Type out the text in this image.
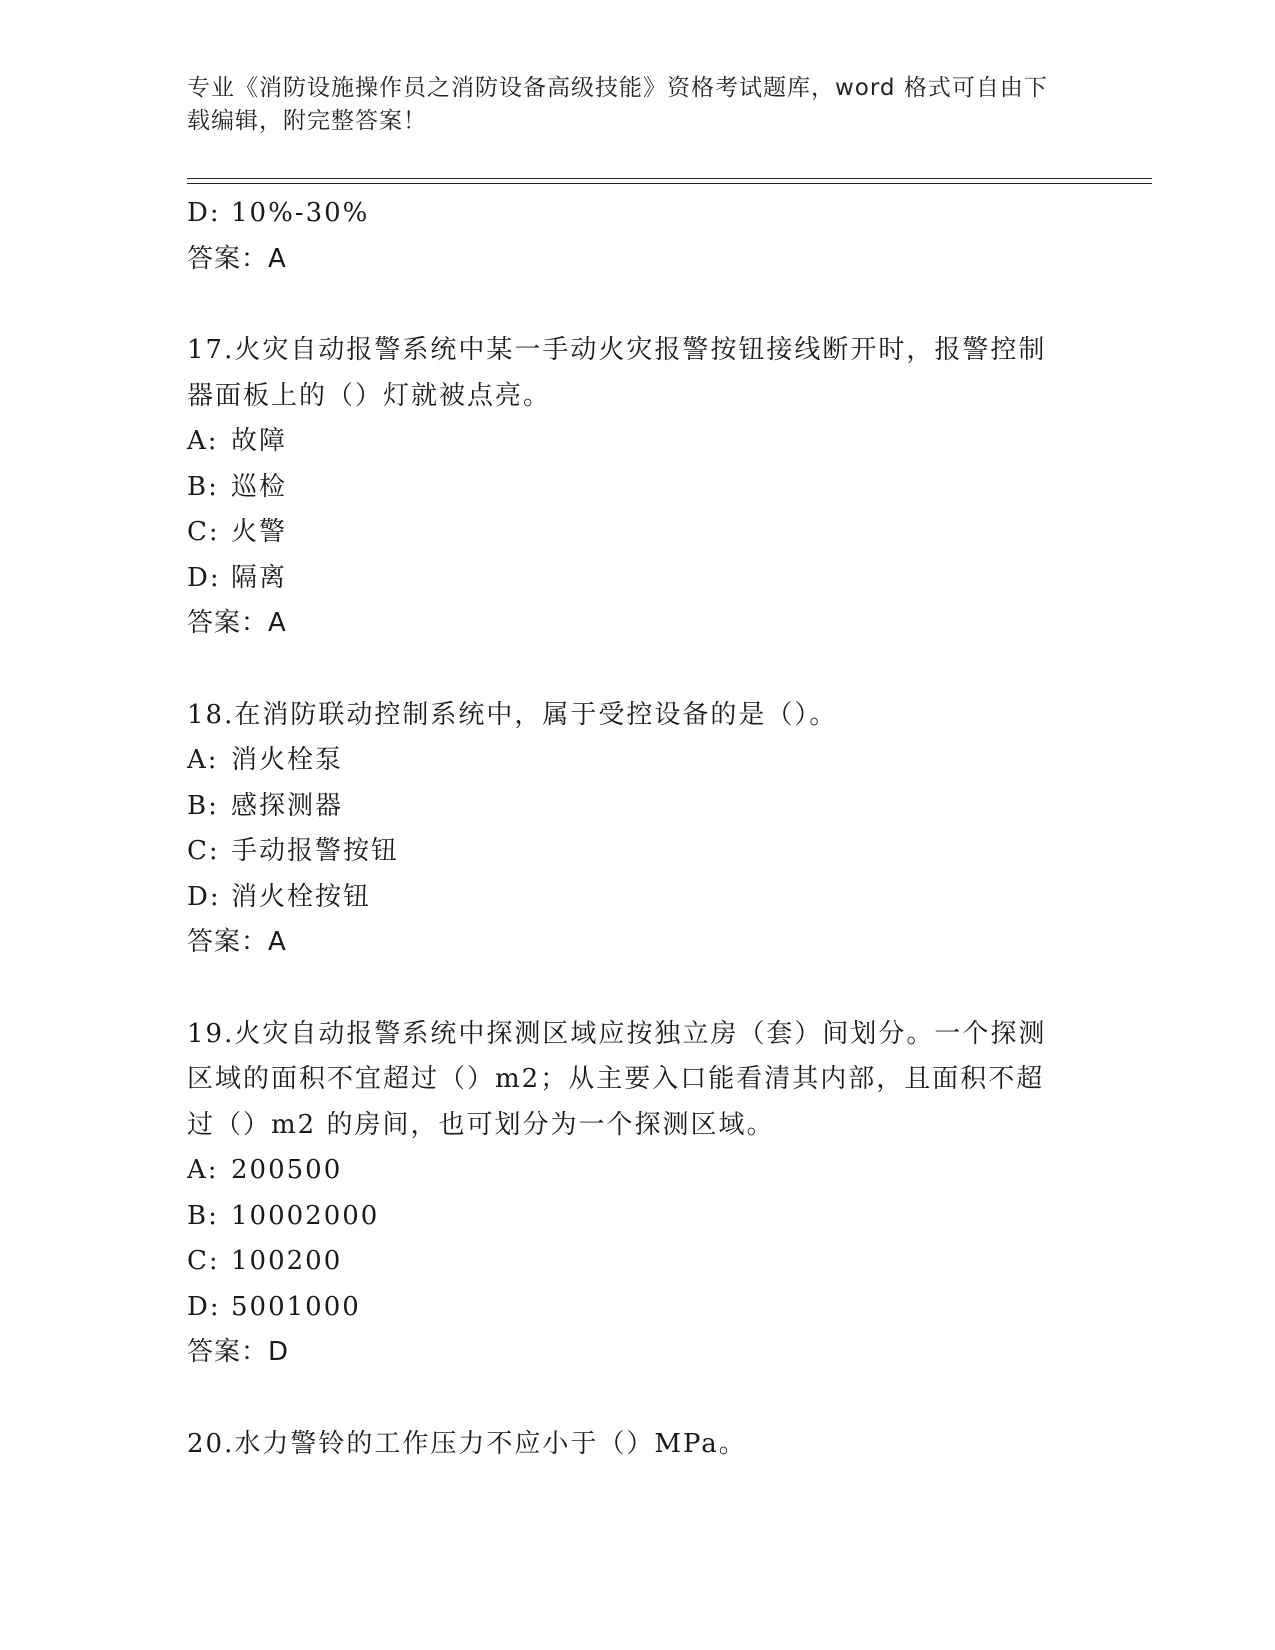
专业《消防设施操作员之消防设备高级技能》资格考试题库，word 格式可自由下
载编辑，附完整答案！
D: 10%-30%
答案：A
17.火灾自动报警系统中某一手动火灾报警按钮接线断开时，报警控制
器面板上的（）灯就被点亮。
A: 故障
B: 巡检
C: 火警
D: 隔离
答案：A
18.在消防联动控制系统中，属于受控设备的是（）。
A: 消火栓泵
B: 感探测器
C: 手动报警按钮
D: 消火栓按钮
答案：A
19.火灾自动报警系统中探测区域应按独立房（套）间划分。一个探测
区域的面积不宜超过（）m2；从主要入口能看清其内部，且面积不超
过（）m2 的房间，也可划分为一个探测区域。
A: 200500
B: 10002000
C: 100200
D: 5001000
答案：D
20.水力警铃的工作压力不应小于（）MPa。
